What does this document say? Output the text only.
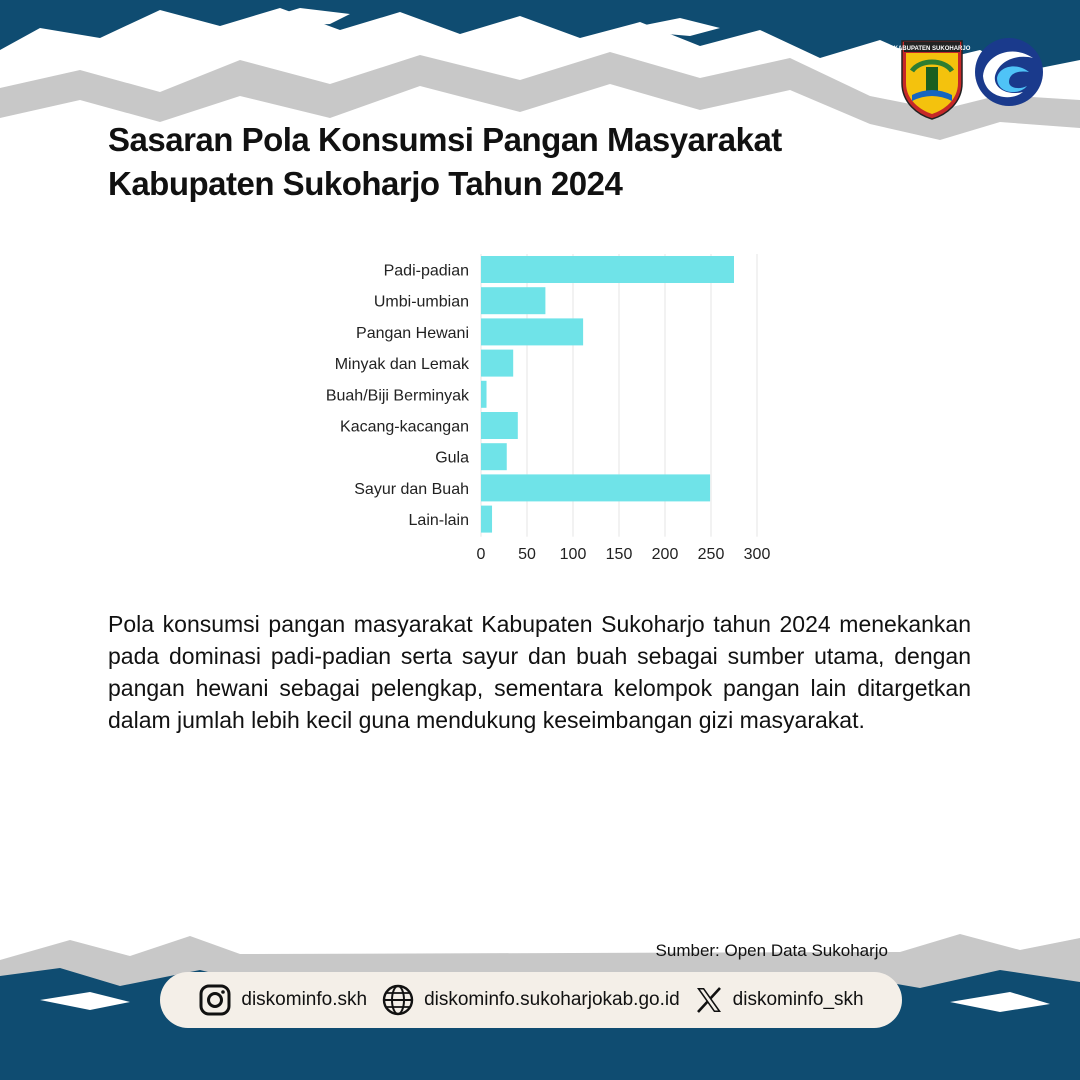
KABUPATEN SUKOHARJO
Sasaran Pola Konsumsi Pangan Masyarakat
Kabupaten Sukoharjo Tahun 2024
0 50 100 150 200 250 300
Padi-padian
Umbi-umbian
Pangan Hewani
Minyak dan Lemak
Buah/Biji Berminyak
Kacang-kacangan
Gula
Sayur dan Buah
Lain-lain

Pola konsumsi pangan masyarakat Kabupaten Sukoharjo tahun 2024 menekankan pada dominasi padi-padian serta sayur dan buah sebagai sumber utama, dengan pangan hewani sebagai pelengkap, sementara kelompok pangan lain ditargetkan dalam jumlah lebih kecil guna mendukung keseimbangan gizi masyarakat.

Sumber: Open Data Sukoharjo
diskominfo.skh	diskominfo.sukoharjokab.go.id	diskominfo_skh
